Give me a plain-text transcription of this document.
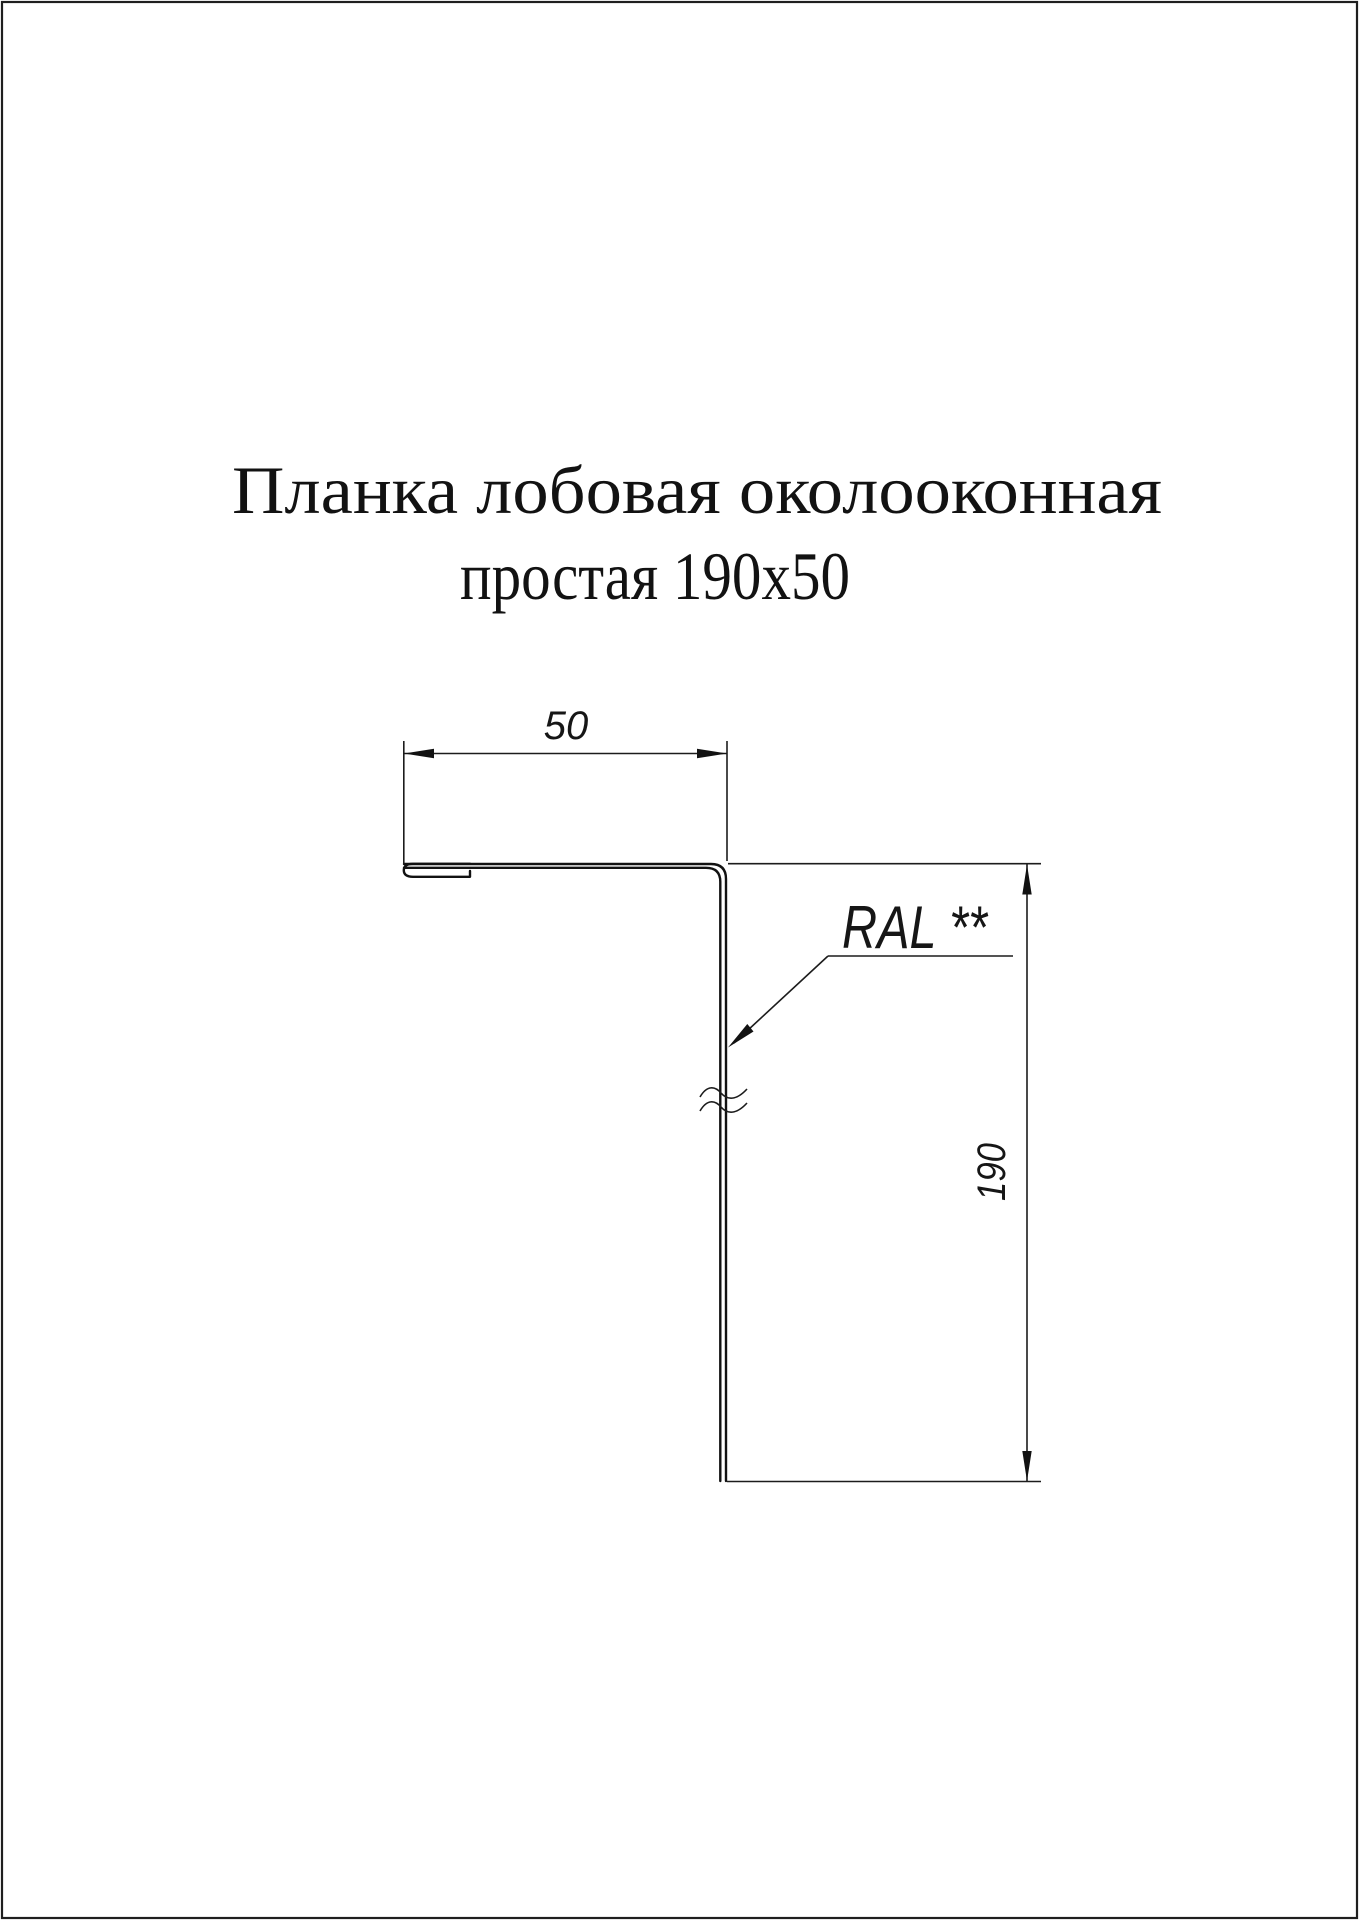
Планка лобовая околооконная
простая 190х50
50
190
RAL **
